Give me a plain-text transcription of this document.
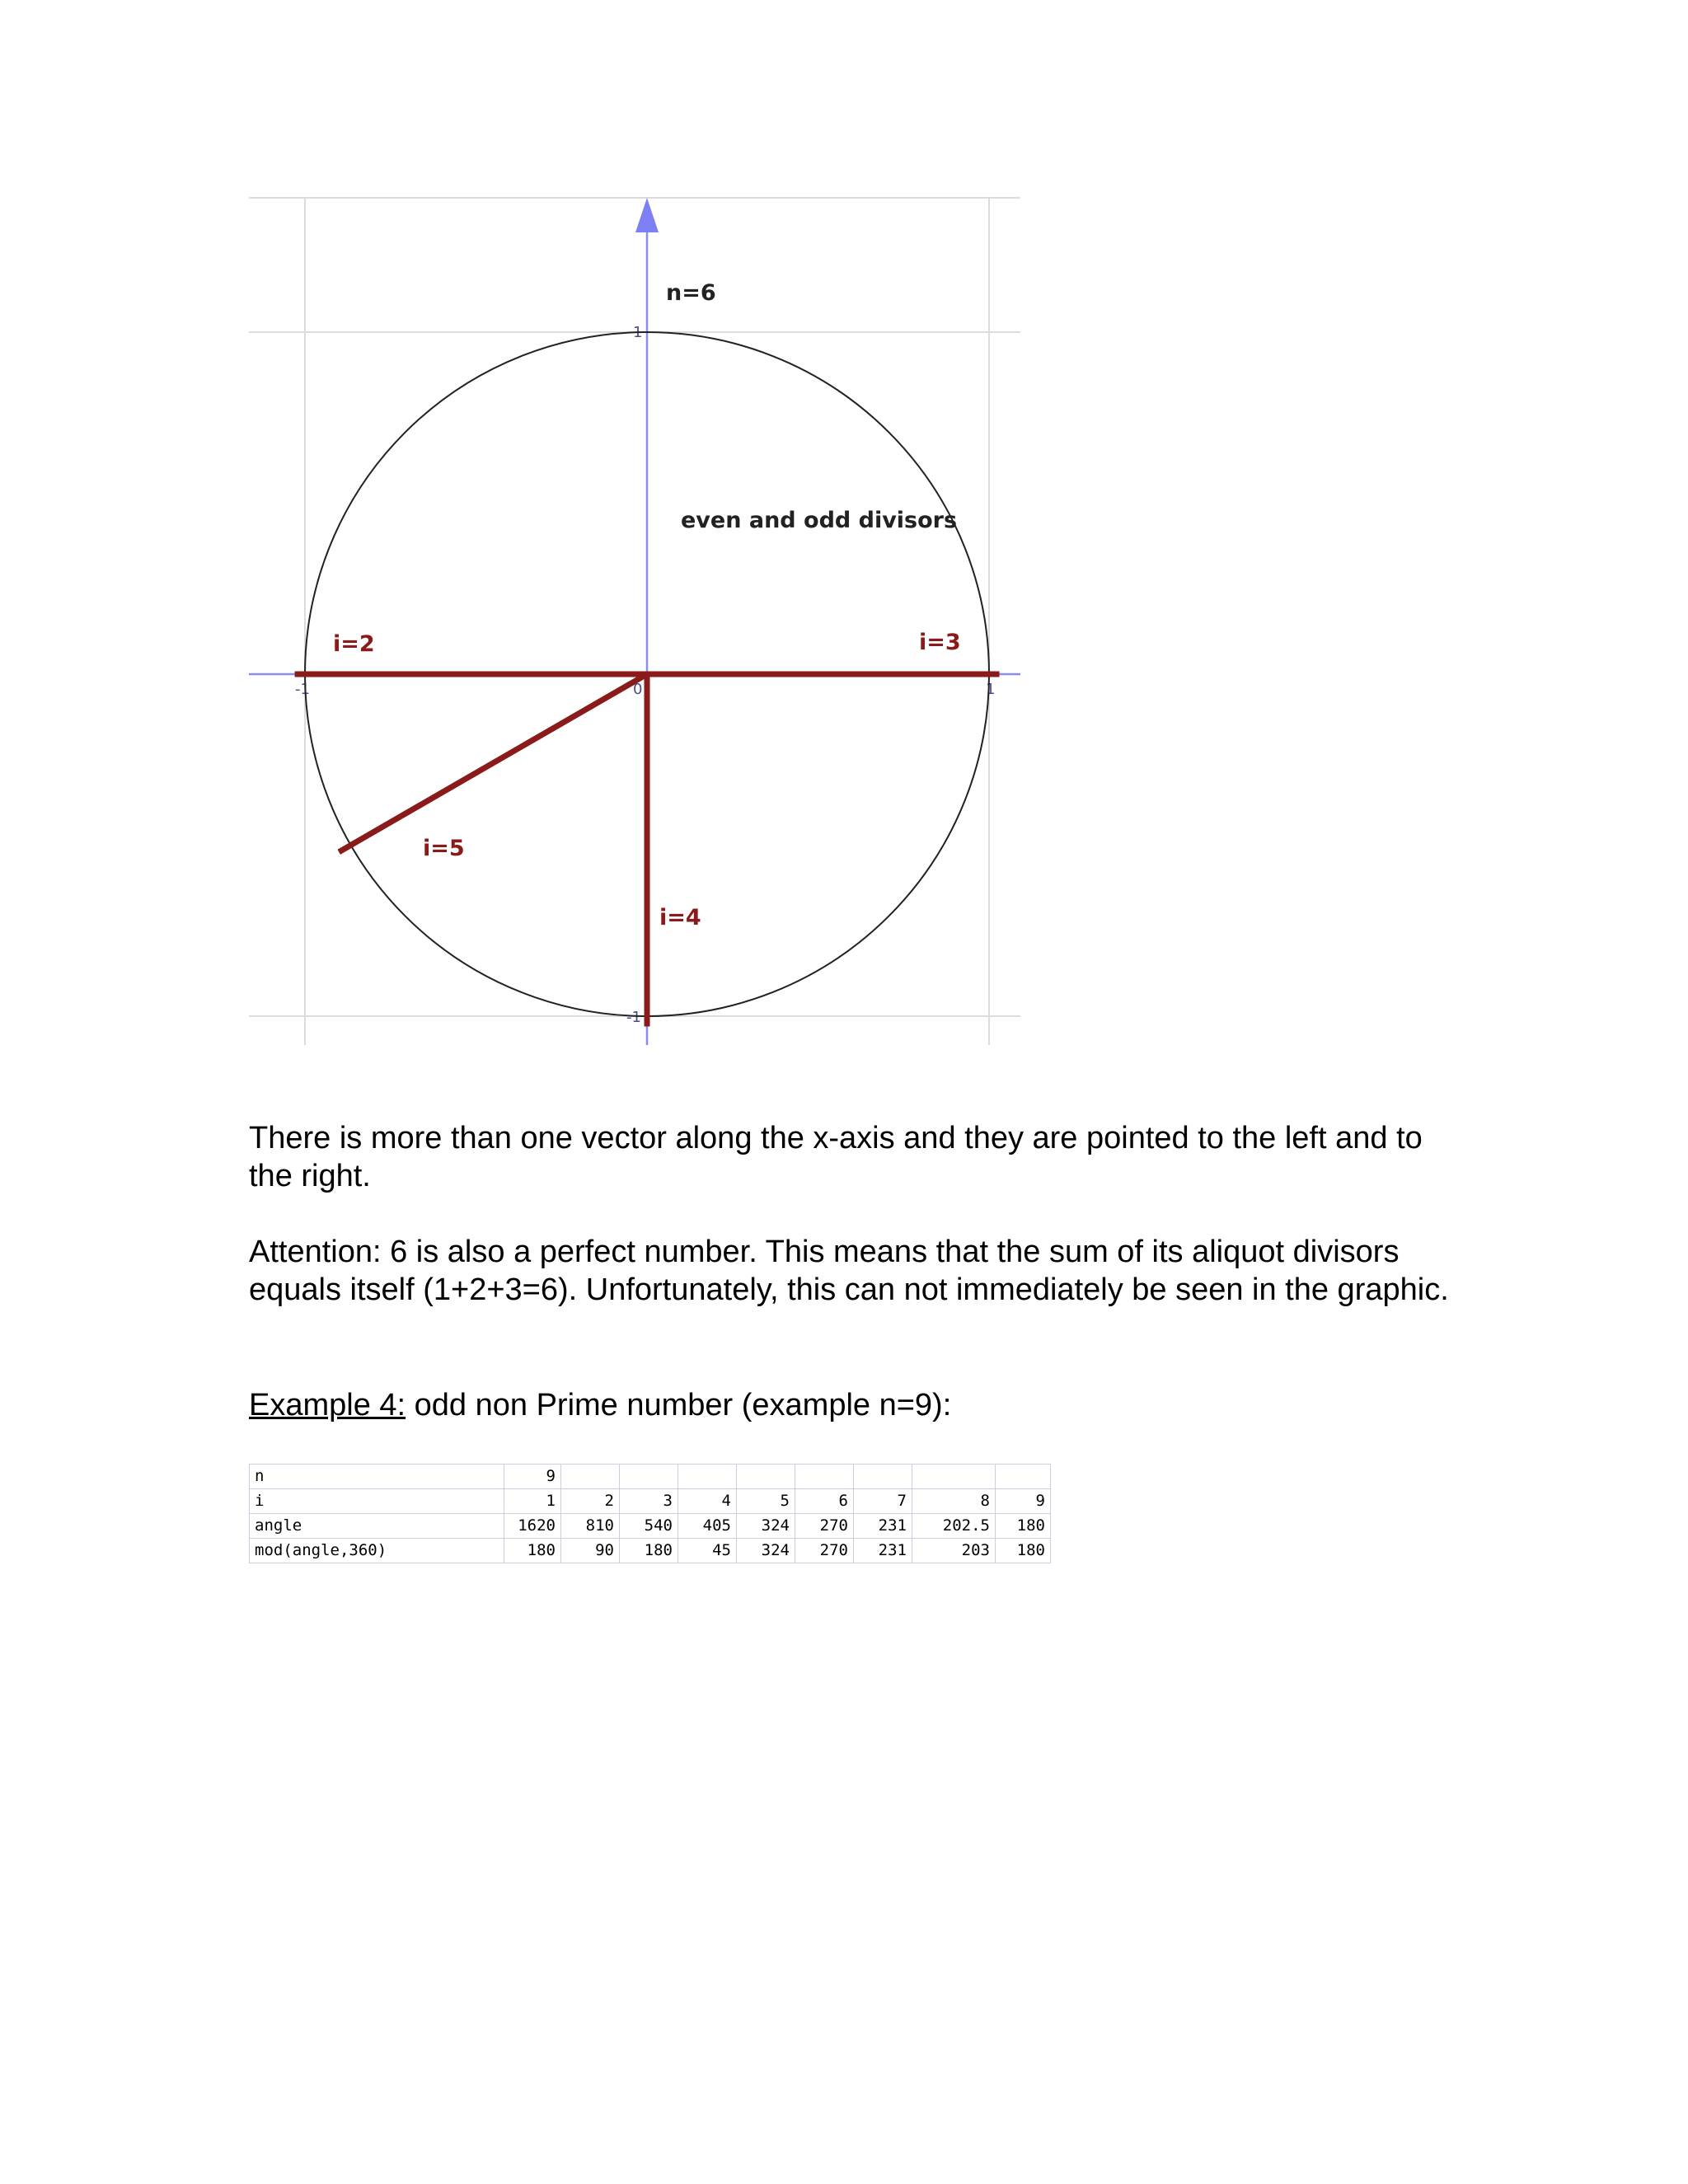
1
-1
1
-1	0
n=6
even and odd divisors
i=2	i=3
i=5
i=4

There is more than one vector along the x-axis and they are pointed to the left and to the right.

Attention: 6 is also a perfect number. This means that the sum of its aliquot divisors equals itself (1+2+3=6). Unfortunately, this can not immediately be seen in the graphic.

Example 4: odd non Prime number (example n=9):

n	9								
i	1	2	3	4	5	6	7	8	9
angle	1620	810	540	405	324	270	231	202.5	180
mod(angle,360)	180	90	180	45	324	270	231	203	180
